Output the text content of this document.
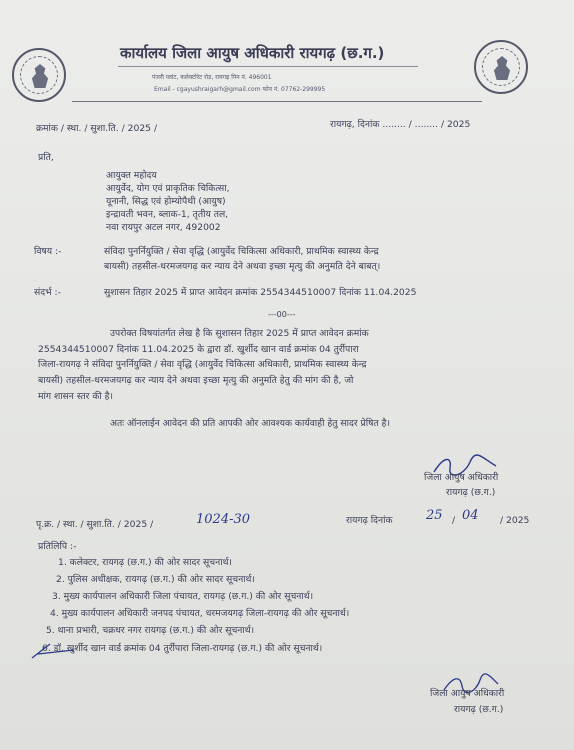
कार्यालय जिला आयुष अधिकारी रायगढ़ (छ.ग.)
पंजरी प्लांट, कलेक्टोरेट रोड, रायगढ़ पिन नं. 496001
Email - cgayushraigarh@gmail.com फोन नं. 07762-299995
क्रमांक / स्था. / सुशा.ति. / 2025 /	रायगढ़, दिनांक ........ / ........ / 2025
प्रति,
आयुक्त महोदय
आयुर्वेद, योग एवं प्राकृतिक चिकित्सा,
यूनानी, सिद्ध एवं होम्योपैथी (आयुष)
इन्द्रावती भवन, ब्लाक-1, तृतीय तल,
नवा रायपुर अटल नगर, 492002
विषय :-	संविदा पुनर्नियुक्ति / सेवा वृद्धि (आयुर्वेद चिकित्सा अधिकारी, प्राथमिक स्वास्थ्य केन्द्र
बायसी) तहसील-धरमजयगढ़ कर न्याय देने अथवा इच्छा मृत्यु की अनुमति देने बाबत्।
संदर्भ :-	सुशासन तिहार 2025 में प्राप्त आवेदन क्रमांक 2554344510007 दिनांक 11.04.2025
---00---
उपरोक्त विषयांतर्गत लेख है कि सुशासन तिहार 2025 में प्राप्त आवेदन क्रमांक
2554344510007 दिनांक 11.04.2025 के द्वारा डॉ. खुर्शीद खान वार्ड क्रमांक 04 तुर्रीपारा
जिला-रायगढ़ ने संविदा पुनर्नियुक्ति / सेवा वृद्धि (आयुर्वेद चिकित्सा अधिकारी, प्राथमिक स्वास्थ्य केन्द्र
बायसी) तहसील-धरमजयगढ़ कर न्याय देने अथवा इच्छा मृत्यु की अनुमति हेतु की मांग की है, जो
मांग शासन स्तर की है।
अतः ऑनलाईन आवेदन की प्रति आपकी ओर आवश्यक कार्यवाही हेतु सादर प्रेषित है।
जिला आयुष अधिकारी
रायगढ़ (छ.ग.)
पृ.क्र. / स्था. / सुशा.ति. / 2025 /	1024-30	रायगढ़ दिनांक	25 / 04 / 2025
प्रतिलिपि :-
1. कलेक्टर, रायगढ़ (छ.ग.) की ओर सादर सूचनार्थ।
2. पुलिस अधीक्षक, रायगढ़ (छ.ग.) की ओर सादर सूचनार्थ।
3. मुख्य कार्यपालन अधिकारी जिला पंचायत, रायगढ़ (छ.ग.) की ओर सूचनार्थ।
4. मुख्य कार्यपालन अधिकारी जनपद पंचायत, धरमजयगढ़ जिला-रायगढ़ की ओर सूचनार्थ।
5. थाना प्रभारी, चक्रधर नगर रायगढ़ (छ.ग.) की ओर सूचनार्थ।
6. डॉ. खुर्शीद खान वार्ड क्रमांक 04 तुर्रीपारा जिला-रायगढ़ (छ.ग.) की ओर सूचनार्थ।
जिला आयुष अधिकारी
रायगढ़ (छ.ग.)
